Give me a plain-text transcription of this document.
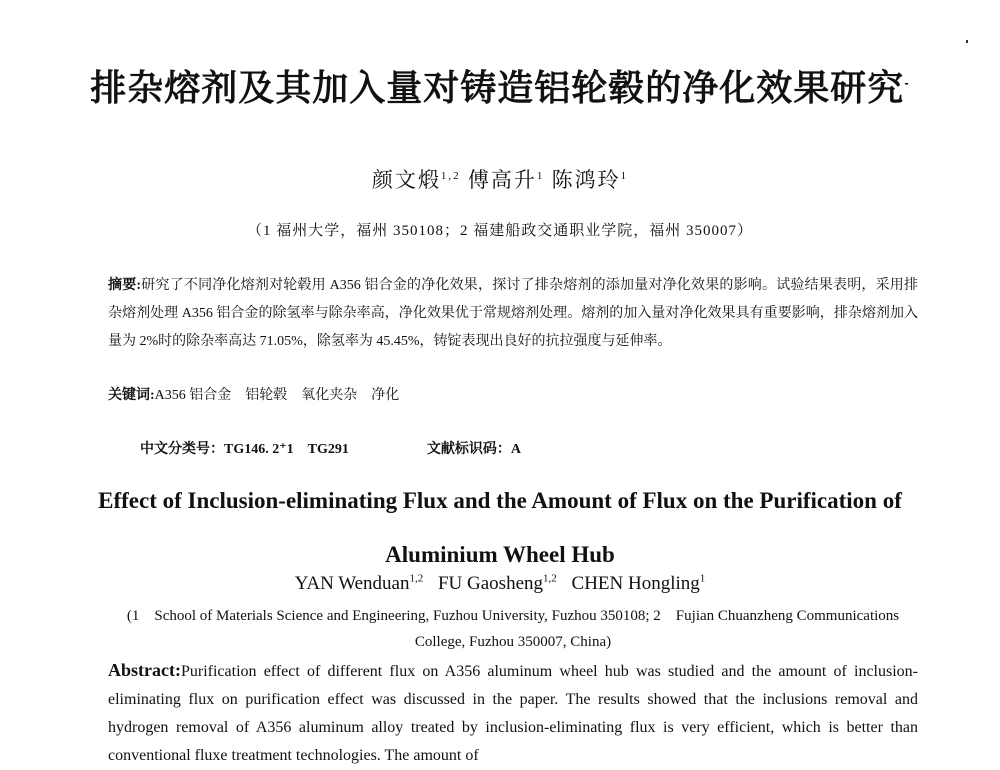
排杂熔剂及其加入量对铸造铝轮毂的净化效果研究-
颜文煅$^{1,2}$ 傅高升$^1$ 陈鸿玲$^1$
（1 福州大学，福州 350108；2 福建船政交通职业学院，福州 350007）
摘要:研究了不同净化熔剂对轮毂用 A356 铝合金的净化效果，探讨了排杂熔剂的添加量对净化效果的影响。试验结果表明，采用排杂熔剂处理 A356 铝合金的除氢率与除杂率高，净化效果优于常规熔剂处理。熔剂的加入量对净化效果具有重要影响，排杂熔剂加入量为 2%时的除杂率高达 71.05%，除氢率为 45.45%，铸锭表现出良好的抗拉强度与延伸率。
关键词:A356 铝合金　铝轮毂　氧化夹杂　净化
中文分类号：TG146. 2⁺1　TG291	文献标识码：A
Effect of Inclusion-eliminating Flux and the Amount of Flux on the Purification of Aluminium Wheel Hub
YAN Wenduan$^{1,2}$ FU Gaosheng$^{1,2}$ CHEN Hongling$^1$
(1　School of Materials Science and Engineering, Fuzhou University, Fuzhou 350108; 2　Fujian Chuanzheng Communications College, Fuzhou 350007, China)
Abstract:Purification effect of different flux on A356 aluminum wheel hub was studied and the amount of inclusion-eliminating flux on purification effect was discussed in the paper. The results showed that the inclusions removal and hydrogen removal of A356 aluminum alloy treated by inclusion-eliminating flux is very efficient, which is better than conventional fluxe treatment technologies. The amount of
